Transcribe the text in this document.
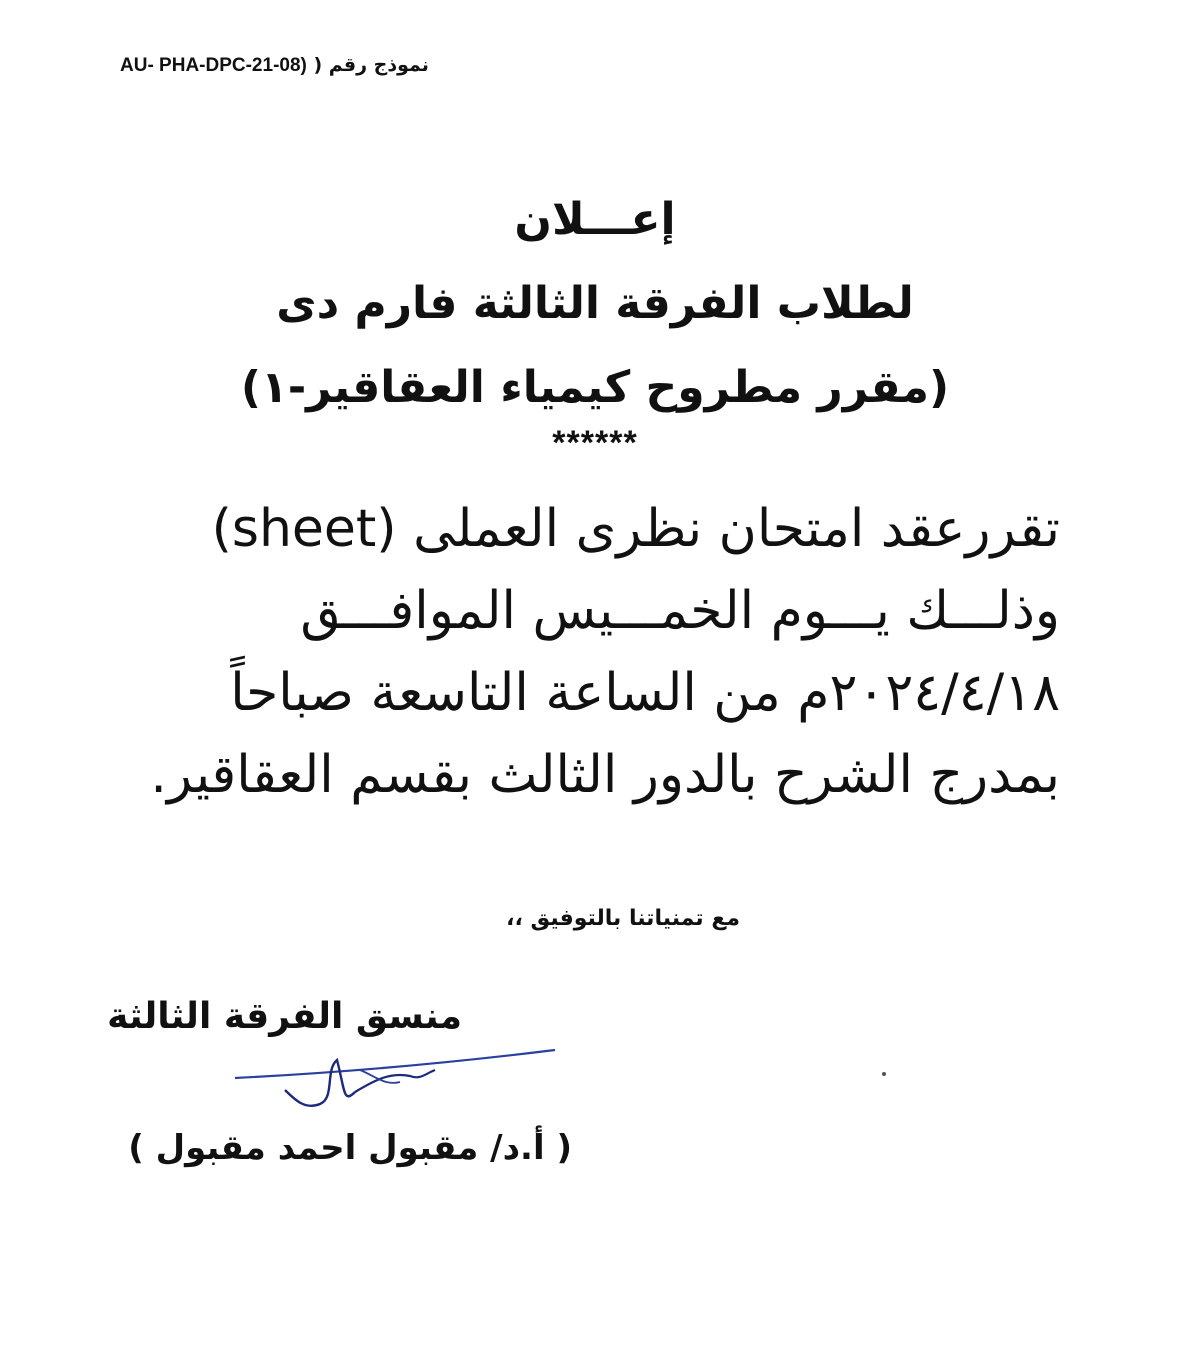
نموذج رقم ( AU- PHA-DPC-21-08)
إعـــلان
لطلاب الفرقة الثالثة فارم دى
(مقرر مطروح كيمياء العقاقير-١)
******
تقررعقد امتحان نظرى العملى (sheet)
وذلـــك يـــوم الخمـــيس الموافـــق
٢٠٢٤/٤/١٨م من الساعة التاسعة صباحاً
بمدرج الشرح بالدور الثالث بقسم العقاقير.
مع تمنياتنا بالتوفيق ،،
منسق الفرقة الثالثة
( أ.د/ مقبول احمد مقبول )
